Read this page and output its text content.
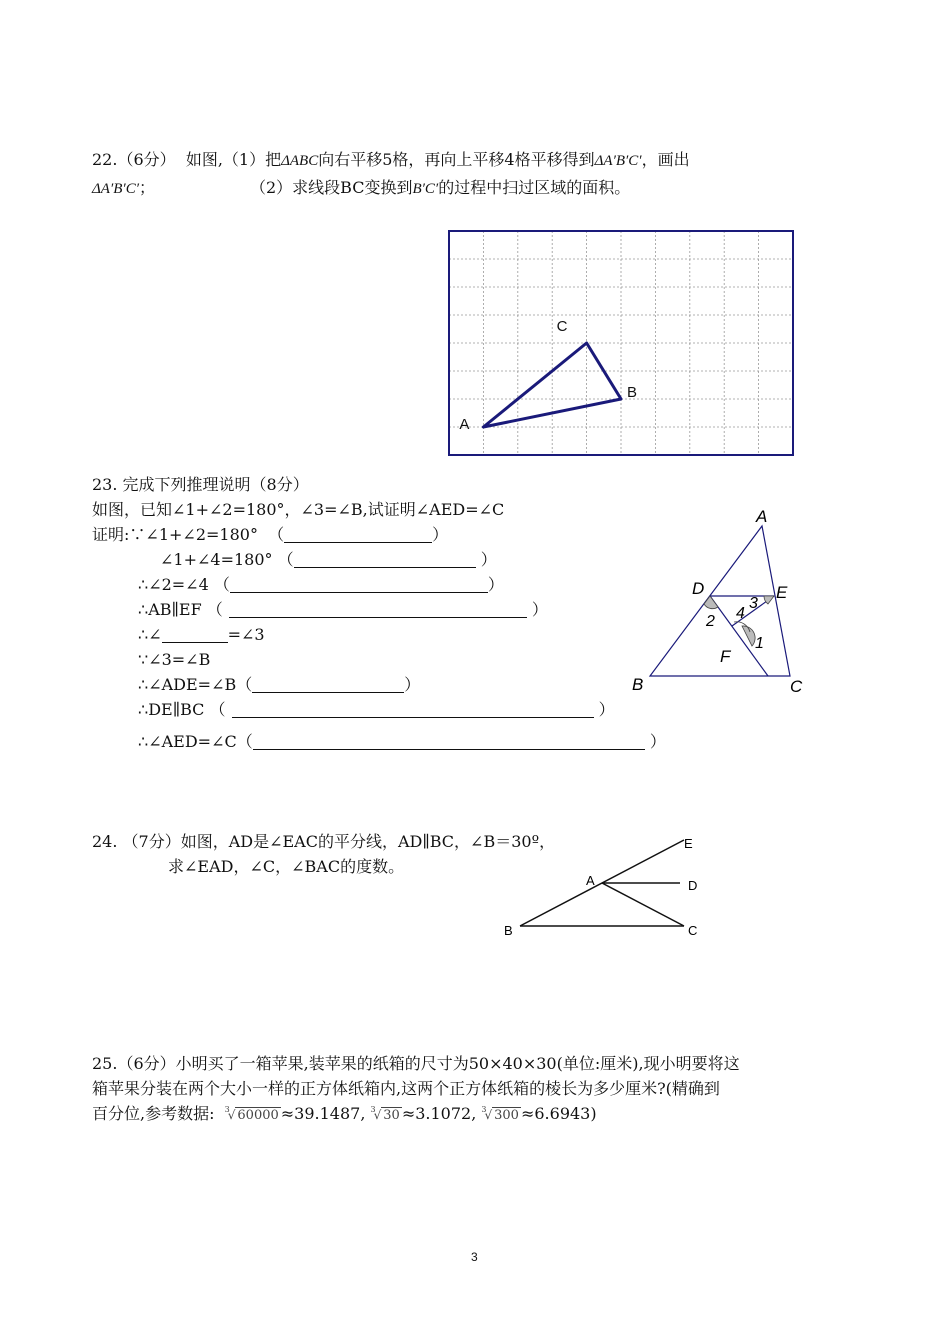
22.（6分） 如图,（1）把ΔABC向右平移5格，再向上平移4格平移得到ΔA′B′C′，画出
ΔA′B′C′；	（2）求线段BC变换到B′C′的过程中扫过区域的面积。
A
B
C
23. 完成下列推理说明（8分）
如图，已知∠1+∠2=180°，∠3=∠B,试证明∠AED=∠C
证明:∵∠1+∠2=180° （	）
∠1+∠4=180° （	）
∴∠2=∠4 （	）
∴AB∥EF （	）
∴∠	=∠3
∵∠3=∠B
∴∠ADE=∠B（	）
∴DE∥BC （	）
∴∠AED=∠C（	）
A
D	E
F
B	C
1
2
3
4
24. （7分）如图，AD是∠EAC的平分线，AD∥BC，∠B＝30º，
求∠EAD，∠C，∠BAC的度数。
A
B	C
D
E
25.（6分）小明买了一箱苹果,装苹果的纸箱的尺寸为50×40×30(单位:厘米),现小明要将这
箱苹果分装在两个大小一样的正方体纸箱内,这两个正方体纸箱的棱长为多少厘米?(精确到
百分位,参考数据: $^3$√ 60000 ≈39.1487, $^3$√ 30 ≈3.1072, $^3$√ 300 ≈6.6943)
3
